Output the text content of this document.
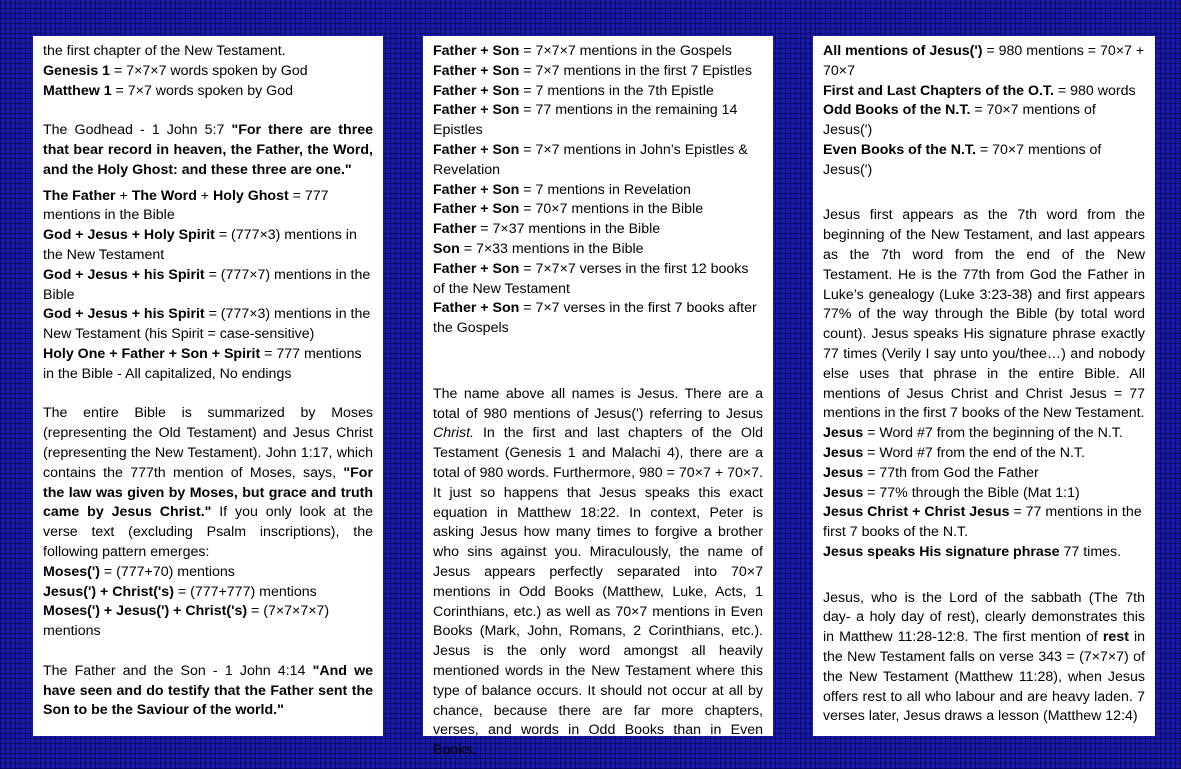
the first chapter of the New Testament.

Genesis 1 = 7×7×7 words spoken by God

Matthew 1 = 7×7 words spoken by God

The Godhead - 1 John 5:7 "For there are three that bear record in heaven, the Father, the Word, and the Holy Ghost: and these three are one."

The Father + The Word + Holy Ghost = 777 mentions in the Bible

God + Jesus + Holy Spirit = (777×3) mentions in the New Testament

God + Jesus + his Spirit = (777×7) mentions in the Bible

God + Jesus + his Spirit = (777×3) mentions in the New Testament (his Spirit = case-sensitive)

Holy One + Father + Son + Spirit = 777 mentions in the Bible - All capitalized, No endings

The entire Bible is summarized by Moses (representing the Old Testament) and Jesus Christ (representing the New Testament). John 1:17, which contains the 777th mention of Moses, says, "For the law was given by Moses, but grace and truth came by Jesus Christ." If you only look at the verse text (excluding Psalm inscriptions), the following pattern emerges:

Moses(') = (777+70) mentions

Jesus(') + Christ('s) = (777+777) mentions

Moses(') + Jesus(') + Christ('s) = (7×7×7×7) mentions

The Father and the Son - 1 John 4:14 "And we have seen and do testify that the Father sent the Son to be the Saviour of the world."

Father + Son = 7×7×7 mentions in the Gospels

Father + Son = 7×7 mentions in the first 7 Epistles

Father + Son = 7 mentions in the 7th Epistle

Father + Son = 77 mentions in the remaining 14 Epistles

Father + Son = 7×7 mentions in John’s Epistles & Revelation

Father + Son = 7 mentions in Revelation

Father + Son = 70×7 mentions in the Bible

Father = 7×37 mentions in the Bible

Son = 7×33 mentions in the Bible

Father + Son = 7×7×7 verses in the first 12 books of the New Testament

Father + Son = 7×7 verses in the first 7 books after the Gospels

The name above all names is Jesus. There are a total of 980 mentions of Jesus(') referring to Jesus Christ. In the first and last chapters of the Old Testament (Genesis 1 and Malachi 4), there are a total of 980 words. Furthermore, 980 = 70×7 + 70×7. It just so happens that Jesus speaks this exact equation in Matthew 18:22. In context, Peter is asking Jesus how many times to forgive a brother who sins against you. Miraculously, the name of Jesus appears perfectly separated into 70×7 mentions in Odd Books (Matthew, Luke, Acts, 1 Corinthians, etc.) as well as 70×7 mentions in Even Books (Mark, John, Romans, 2 Corinthians, etc.). Jesus is the only word amongst all heavily mentioned words in the New Testament where this type of balance occurs. It should not occur at all by chance, because there are far more chapters, verses, and words in Odd Books than in Even Books.

All mentions of Jesus(') = 980 mentions = 70×7 + 70×7

First and Last Chapters of the O.T. = 980 words

Odd Books of the N.T. = 70×7 mentions of Jesus(')

Even Books of the N.T. = 70×7 mentions of Jesus(')

Jesus first appears as the 7th word from the beginning of the New Testament, and last appears as the 7th word from the end of the New Testament. He is the 77th from God the Father in Luke’s genealogy (Luke 3:23-38) and first appears 77% of the way through the Bible (by total word count). Jesus speaks His signature phrase exactly 77 times (Verily I say unto you/thee…) and nobody else uses that phrase in the entire Bible. All mentions of Jesus Christ and Christ Jesus = 77 mentions in the first 7 books of the New Testament.

Jesus = Word #7 from the beginning of the N.T.

Jesus = Word #7 from the end of the N.T.

Jesus = 77th from God the Father

Jesus = 77% through the Bible (Mat 1:1)

Jesus Christ + Christ Jesus = 77 mentions in the first 7 books of the N.T.

Jesus speaks His signature phrase 77 times.

Jesus, who is the Lord of the sabbath (The 7th day- a holy day of rest), clearly demonstrates this in Matthew 11:28-12:8. The first mention of rest in the New Testament falls on verse 343 = (7×7×7) of the New Testament (Matthew 11:28), when Jesus offers rest to all who labour and are heavy laden. 7 verses later, Jesus draws a lesson (Matthew 12:4)
